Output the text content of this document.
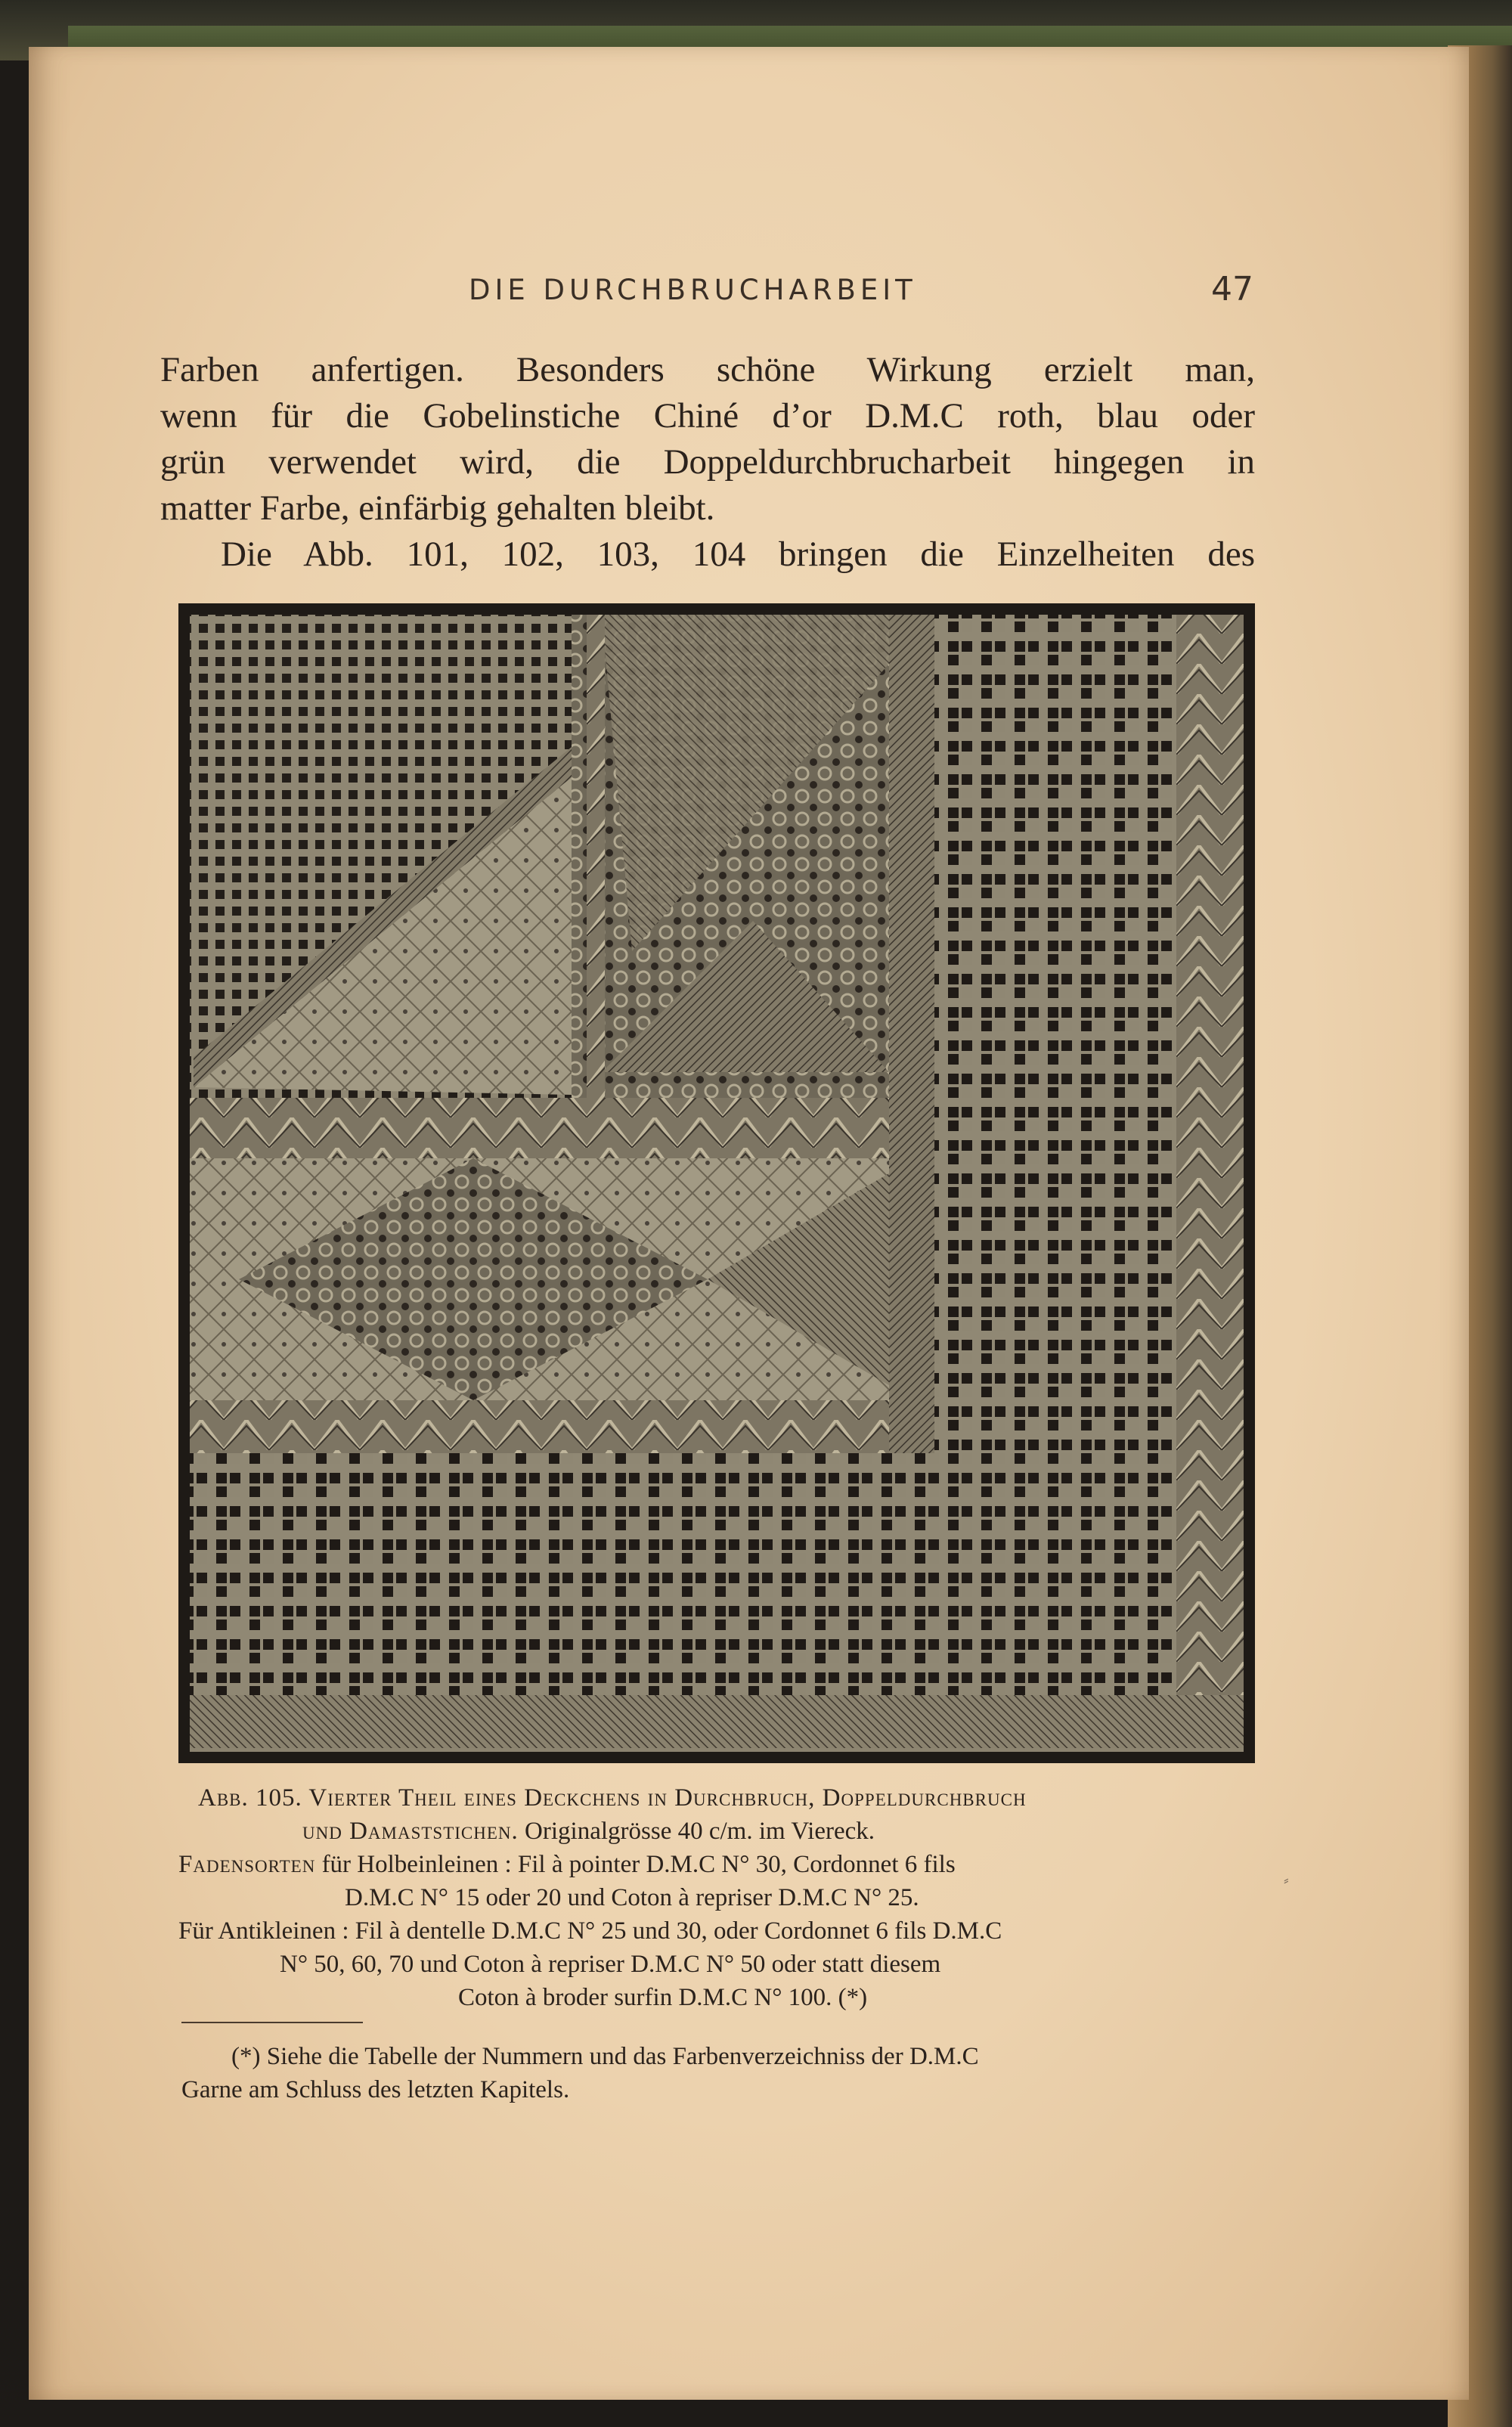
DIE DURCHBRUCHARBEIT	47
Farben anfertigen. Besonders schöne Wirkung erzielt man,
wenn für die Gobelinstiche Chiné d’or D.M.C roth, blau oder
grün verwendet wird, die Doppeldurchbrucharbeit hingegen in
matter Farbe, einfärbig gehalten bleibt.
Die Abb. 101, 102, 103, 104 bringen die Einzelheiten des
Abb. 105. Vierter Theil eines Deckchens in Durchbruch, Doppeldurchbruch
und Damaststichen. Originalgrösse 40 c/m. im Viereck.
Fadensorten für Holbeinleinen : Fil à pointer D.M.C N° 30, Cordonnet 6 fils
D.M.C N° 15 oder 20 und Coton à repriser D.M.C N° 25.
Für Antikleinen : Fil à dentelle D.M.C N° 25 und 30, oder Cordonnet 6 fils D.M.C
N° 50, 60, 70 und Coton à repriser D.M.C N° 50 oder statt diesem
Coton à broder surfin D.M.C N° 100. (*)
⸗
(*) Siehe die Tabelle der Nummern und das Farbenverzeichniss der D.M.C
Garne am Schluss des letzten Kapitels.
